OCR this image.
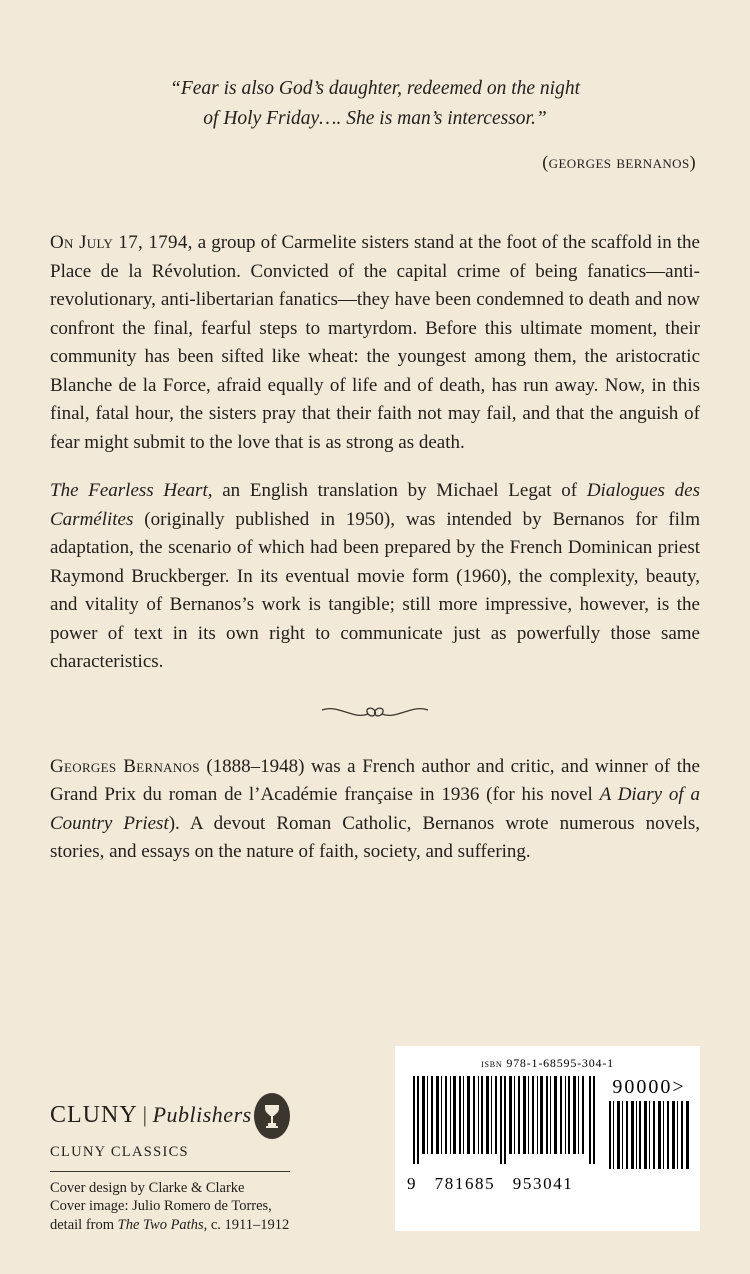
“Fear is also God’s daughter, redeemed on the night
of Holy Friday…. She is man’s intercessor.”
(georges bernanos)

On July 17, 1794, a group of Carmelite sisters stand at the foot of the scaffold in the Place de la Révolution. Convicted of the capital crime of being fanatics—anti-revolutionary, anti-libertarian fanatics—they have been condemned to death and now confront the final, fearful steps to martyrdom. Before this ultimate moment, their community has been sifted like wheat: the youngest among them, the aristocratic Blanche de la Force, afraid equally of life and of death, has run away. Now, in this final, fatal hour, the sisters pray that their faith not may fail, and that the anguish of fear might submit to the love that is as strong as death.

The Fearless Heart, an English translation by Michael Legat of Dialogues des Carmélites (originally published in 1950), was intended by Bernanos for film adaptation, the scenario of which had been prepared by the French Dominican priest Raymond Bruckberger. In its eventual movie form (1960), the complexity, beauty, and vitality of Bernanos’s work is tangible; still more impressive, however, is the power of text in its own right to communicate just as powerfully those same characteristics.

Georges Bernanos (1888–1948) was a French author and critic, and winner of the Grand Prix du roman de l’Académie française in 1936 (for his novel A Diary of a Country Priest). A devout Roman Catholic, Bernanos wrote numerous novels, stories, and essays on the nature of faith, society, and suffering.

CLUNY | Publishers
CLUNY CLASSICS
Cover design by Clarke & Clarke
Cover image: Julio Romero de Torres,
detail from The Two Paths, c. 1911–1912
isbn 978-1-68595-304-1
9   781685   953041
90000>
